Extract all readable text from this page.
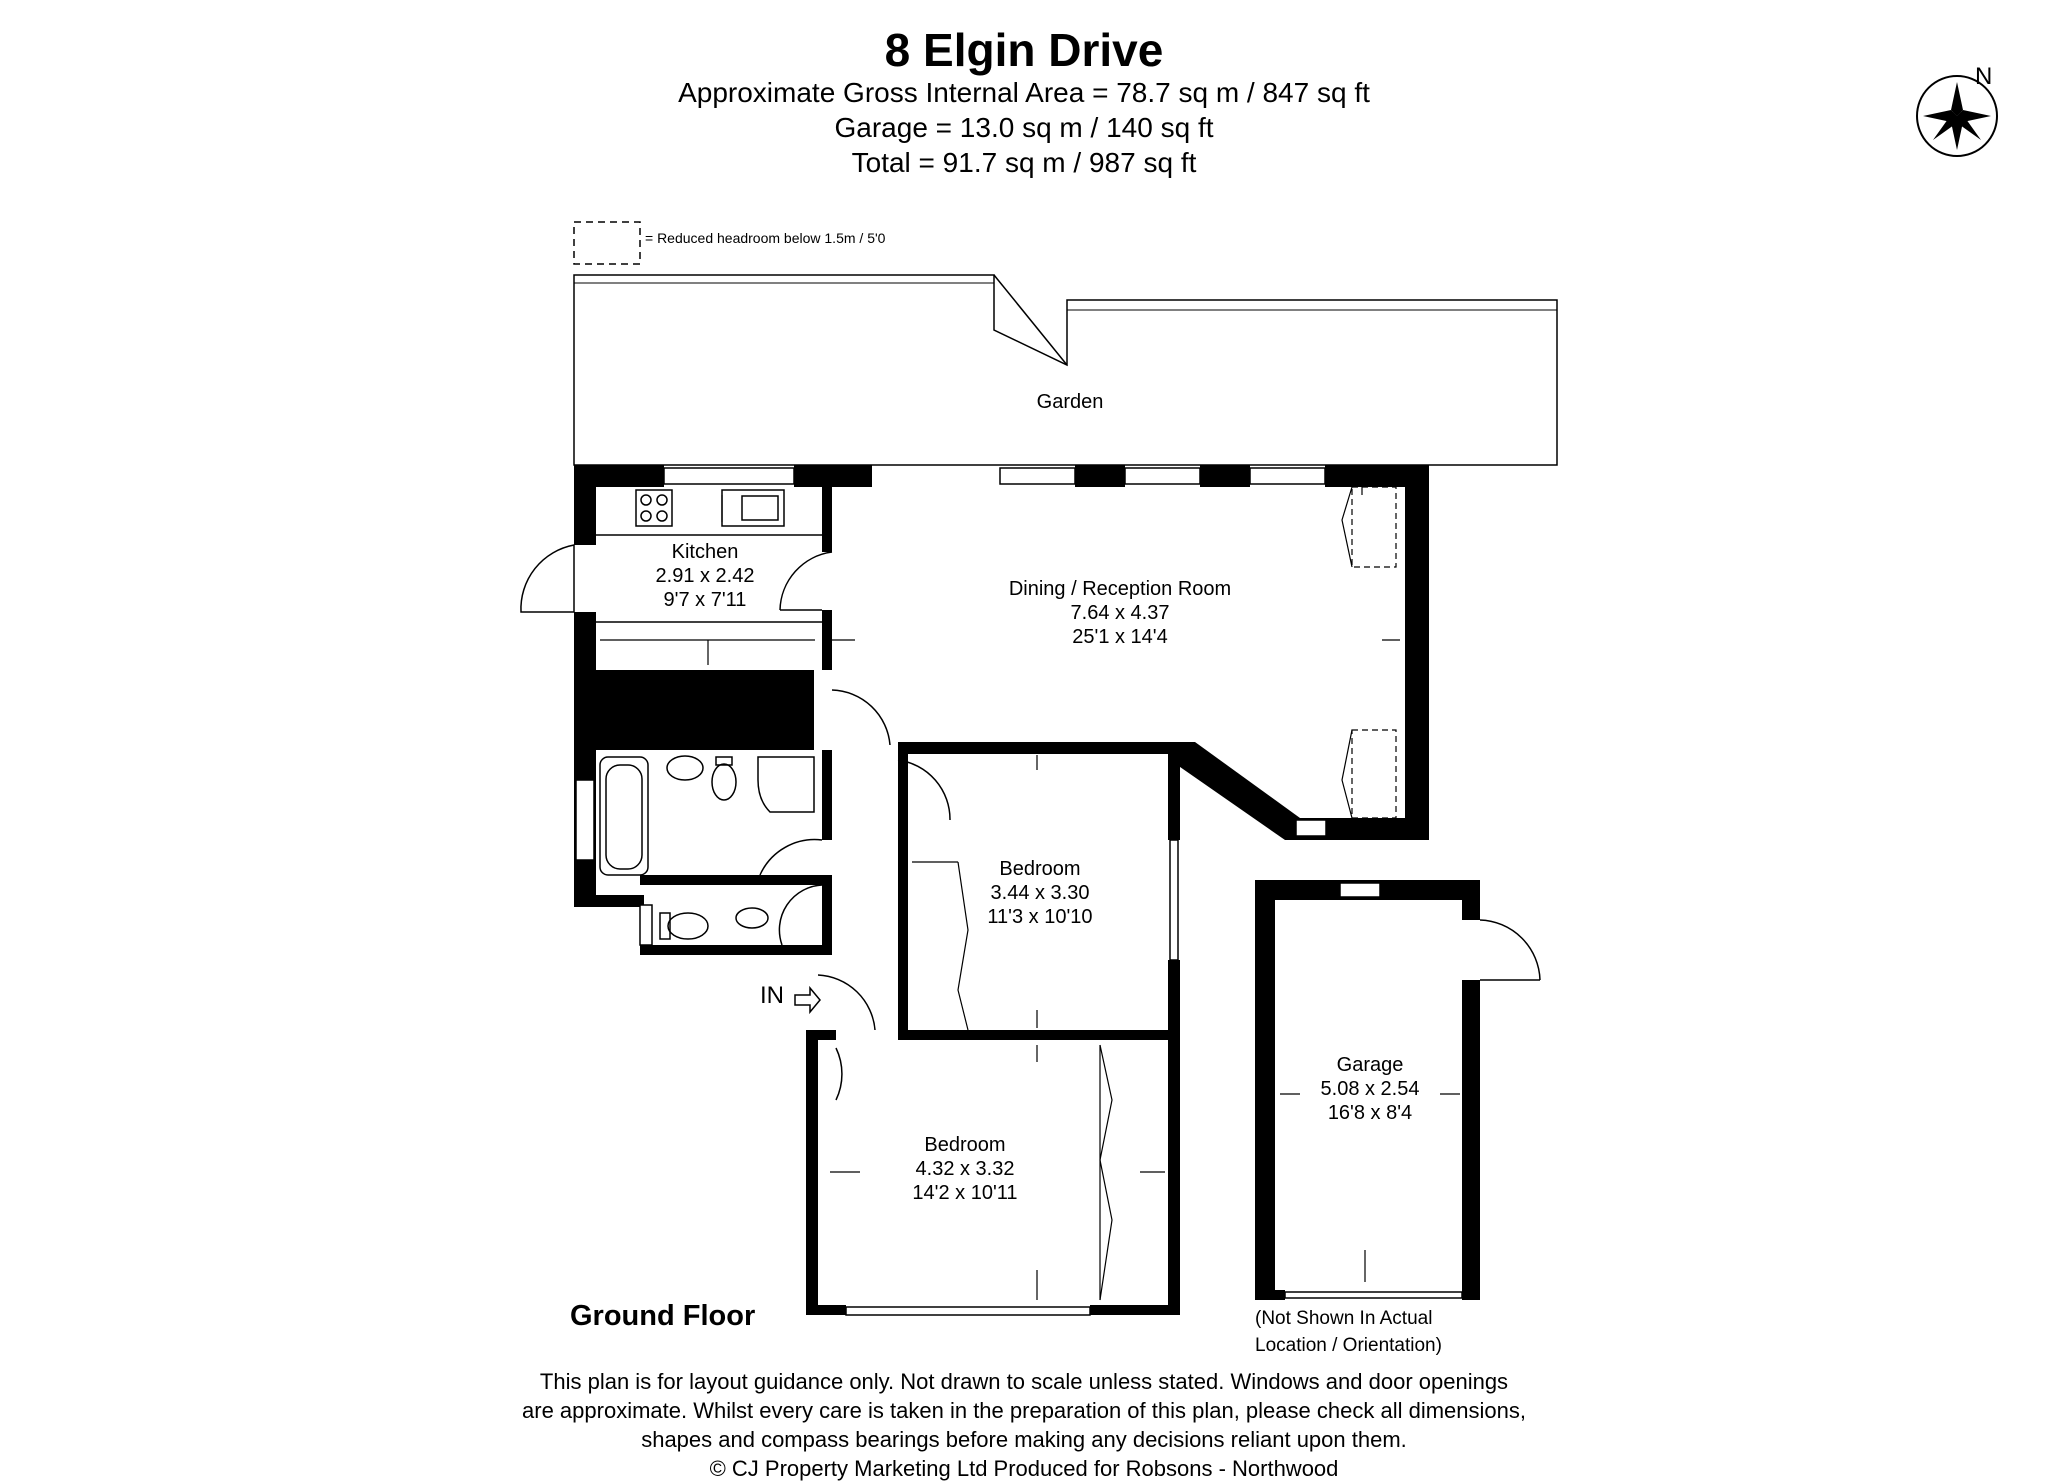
8 Elgin Drive
Approximate Gross Internal Area = 78.7 sq m / 847 sq ft
Garage = 13.0 sq m / 140 sq ft
Total = 91.7 sq m / 987 sq ft
= Reduced headroom below 1.5m / 5'0
N
Garden
Kitchen
2.91 x 2.42
9'7 x 7'11	Dining / Reception Room
7.64 x 4.37
25'1 x 14'4
Bedroom
3.44 x 3.30
11'3 x 10'10
Bedroom
4.32 x 3.32
14'2 x 10'11
Garage
5.08 x 2.54
16'8 x 8'4
IN
Ground Floor	(Not Shown In Actual
Location / Orientation)
This plan is for layout guidance only. Not drawn to scale unless stated. Windows and door openings
are approximate. Whilst every care is taken in the preparation of this plan, please check all dimensions,
shapes and compass bearings before making any decisions reliant upon them.
© CJ Property Marketing Ltd Produced for Robsons - Northwood
